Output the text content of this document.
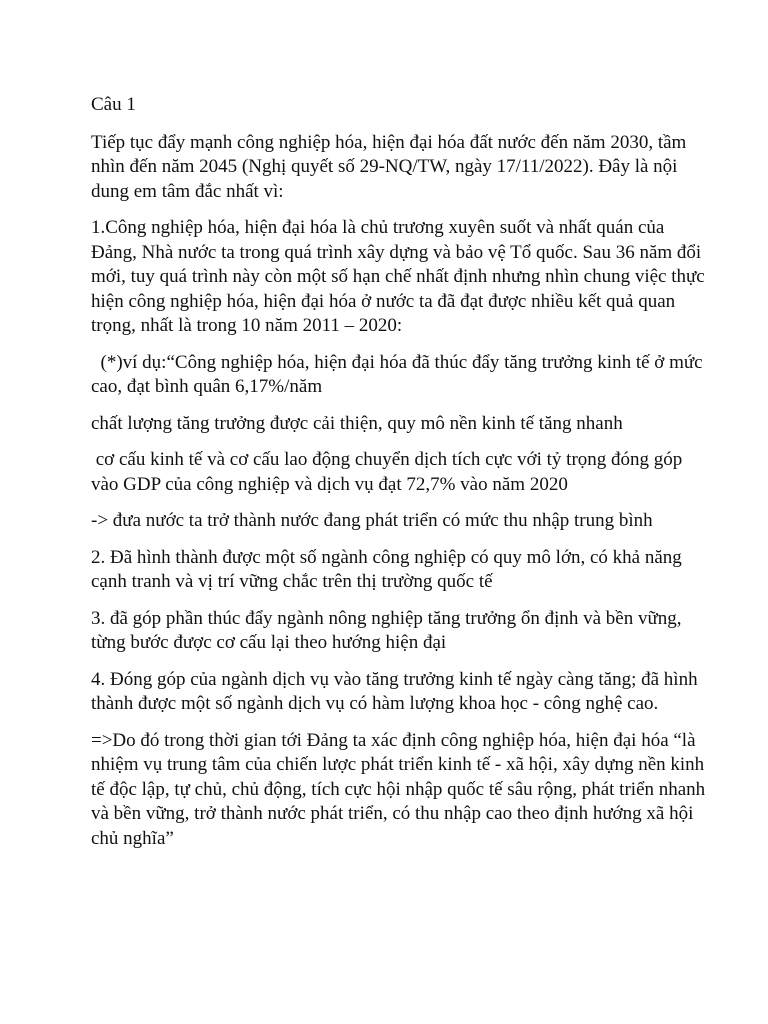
Câu 1

Tiếp tục đẩy mạnh công nghiệp hóa, hiện đại hóa đất nước đến năm 2030, tầm nhìn đến năm 2045 (Nghị quyết số 29-NQ/TW, ngày 17/11/2022). Đây là nội dung em tâm đắc nhất vì:

1.Công nghiệp hóa, hiện đại hóa là chủ trương xuyên suốt và nhất quán của Đảng, Nhà nước ta trong quá trình xây dựng và bảo vệ Tổ quốc. Sau 36 năm đổi mới, tuy quá trình này còn một số hạn chế nhất định nhưng nhìn chung việc thực hiện công nghiệp hóa, hiện đại hóa ở nước ta đã đạt được nhiều kết quả quan trọng, nhất là trong 10 năm 2011 – 2020:

(*)ví dụ:“Công nghiệp hóa, hiện đại hóa đã thúc đẩy tăng trưởng kinh tế ở mức cao, đạt bình quân 6,17%/năm

chất lượng tăng trưởng được cải thiện, quy mô nền kinh tế tăng nhanh

cơ cấu kinh tế và cơ cấu lao động chuyển dịch tích cực với tỷ trọng đóng góp vào GDP của công nghiệp và dịch vụ đạt 72,7% vào năm 2020

-> đưa nước ta trở thành nước đang phát triển có mức thu nhập trung bình

2. Đã hình thành được một số ngành công nghiệp có quy mô lớn, có khả năng cạnh tranh và vị trí vững chắc trên thị trường quốc tế

3. đã góp phần thúc đẩy ngành nông nghiệp tăng trưởng ổn định và bền vững, từng bước được cơ cấu lại theo hướng hiện đại

4. Đóng góp của ngành dịch vụ vào tăng trưởng kinh tế ngày càng tăng; đã hình thành được một số ngành dịch vụ có hàm lượng khoa học - công nghệ cao.

=>Do đó trong thời gian tới Đảng ta xác định công nghiệp hóa, hiện đại hóa “là nhiệm vụ trung tâm của chiến lược phát triển kinh tế - xã hội, xây dựng nền kinh tế độc lập, tự chủ, chủ động, tích cực hội nhập quốc tế sâu rộng, phát triển nhanh và bền vững, trở thành nước phát triển, có thu nhập cao theo định hướng xã hội chủ nghĩa”
